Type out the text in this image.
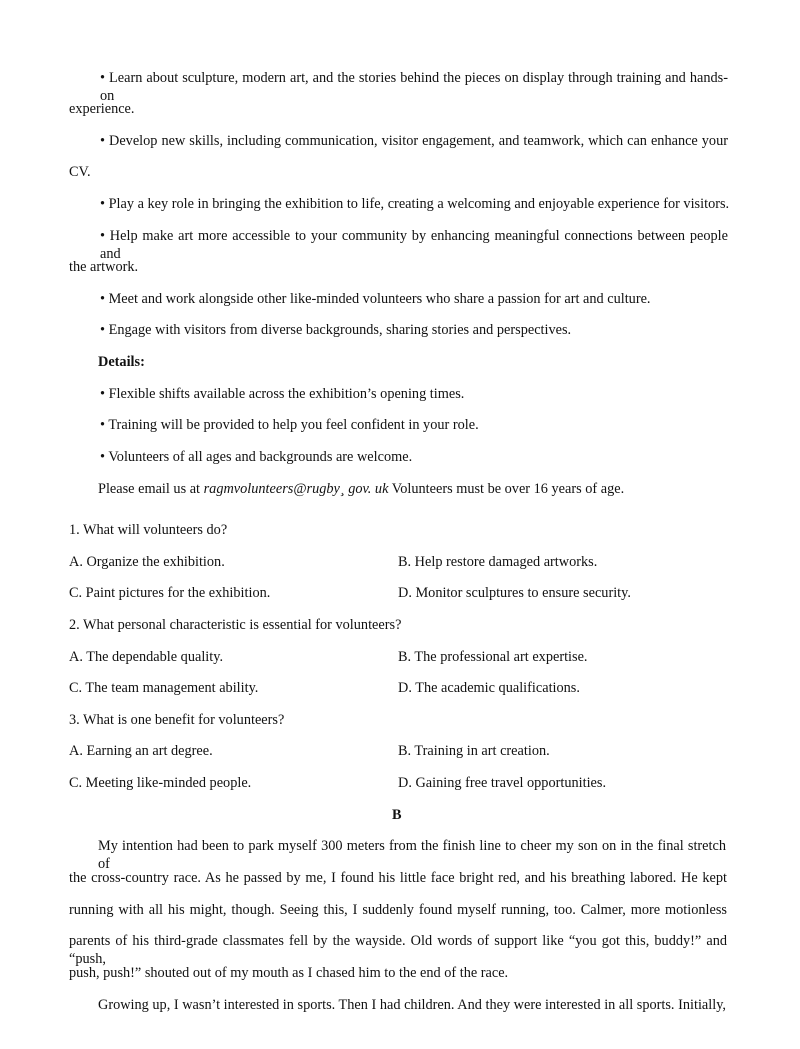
• Learn about sculpture, modern art, and the stories behind the pieces on display through training and hands-on
experience.
• Develop new skills, including communication, visitor engagement, and teamwork, which can enhance your
CV.
• Play a key role in bringing the exhibition to life, creating a welcoming and enjoyable experience for visitors.
• Help make art more accessible to your community by enhancing meaningful connections between people and
the artwork.
• Meet and work alongside other like-minded volunteers who share a passion for art and culture.
• Engage with visitors from diverse backgrounds, sharing stories and perspectives.
Details:
• Flexible shifts available across the exhibition’s opening times.
• Training will be provided to help you feel confident in your role.
• Volunteers of all ages and backgrounds are welcome.
Please email us at ragmvolunteers@rugby¸ gov. uk Volunteers must be over 16 years of age.
1. What will volunteers do?
A. Organize the exhibition.	B. Help restore damaged artworks.
C. Paint pictures for the exhibition.	D. Monitor sculptures to ensure security.
2. What personal characteristic is essential for volunteers?
A. The dependable quality.	B. The professional art expertise.
C. The team management ability.	D. The academic qualifications.
3. What is one benefit for volunteers?
A. Earning an art degree.	B. Training in art creation.
C. Meeting like-minded people.	D. Gaining free travel opportunities.
B
My intention had been to park myself 300 meters from the finish line to cheer my son on in the final stretch of
the cross-country race. As he passed by me, I found his little face bright red, and his breathing labored. He kept
running with all his might, though. Seeing this, I suddenly found myself running, too. Calmer, more motionless
parents of his third-grade classmates fell by the wayside. Old words of support like “you got this, buddy!” and “push,
push, push!” shouted out of my mouth as I chased him to the end of the race.
Growing up, I wasn’t interested in sports. Then I had children. And they were interested in all sports. Initially,
